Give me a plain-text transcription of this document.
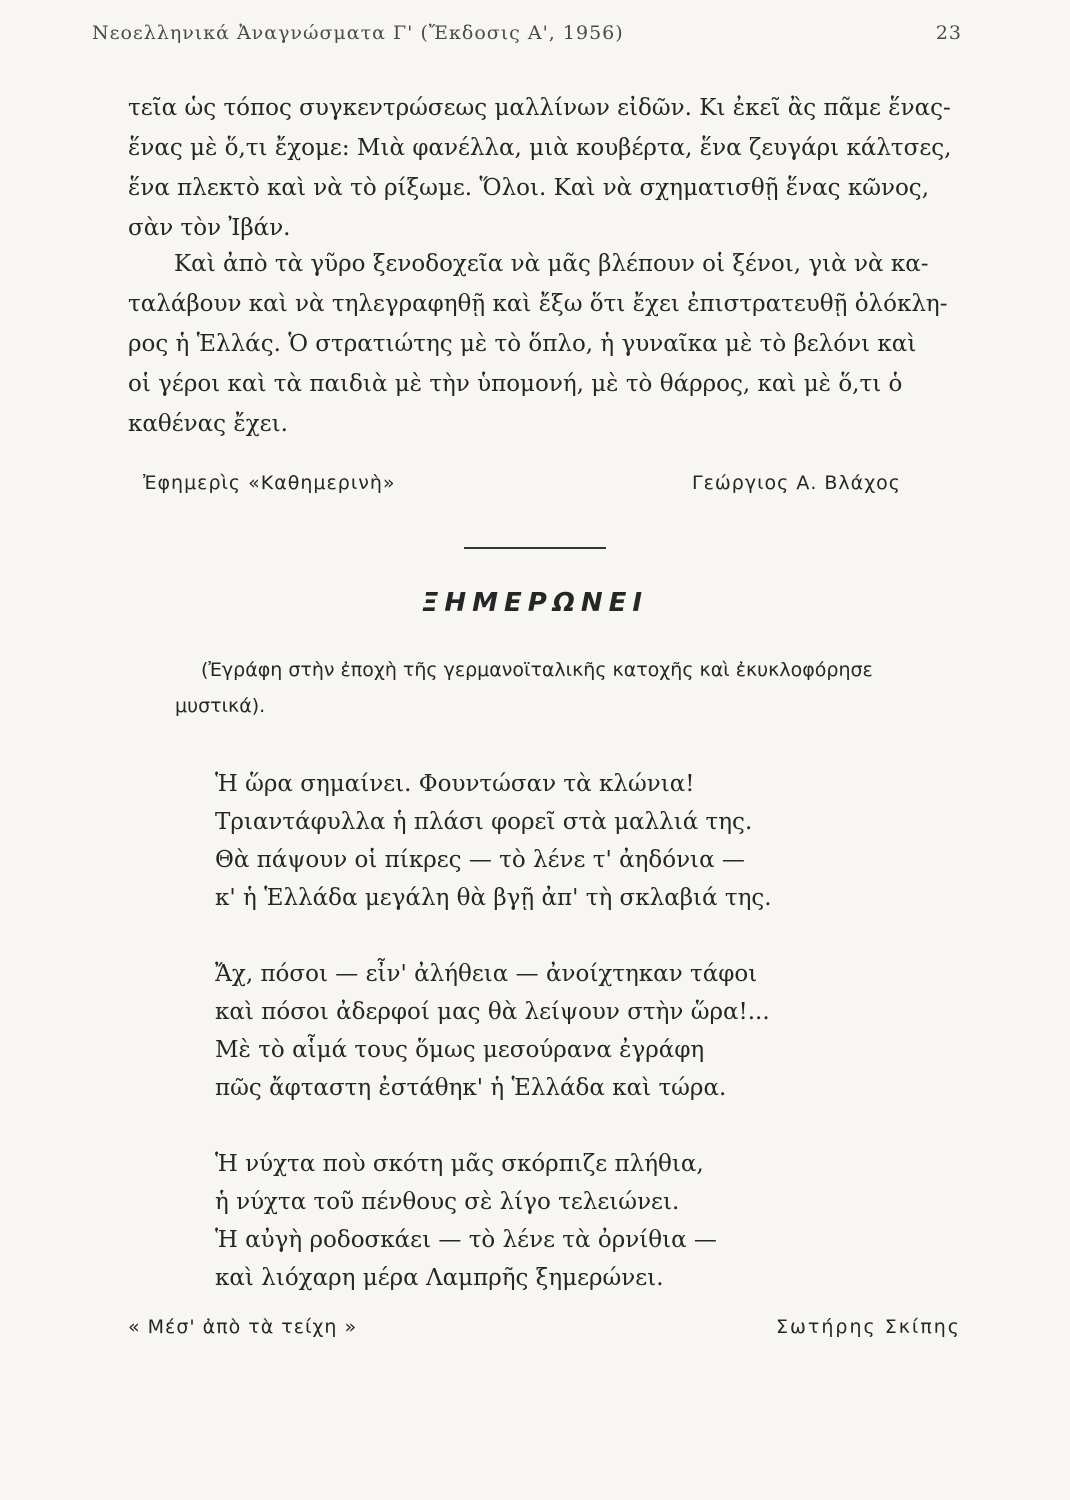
Νεοελληνικά Ἀναγνώσματα Γ' (Ἔκδοσις Α', 1956)	23
τεῖα ὡς τόπος συγκεντρώσεως μαλλίνων εἰδῶν. Κι ἐκεῖ ἂς πᾶμε ἕνας-
ἕνας μὲ ὅ,τι ἔχομε: Μιὰ φανέλλα, μιὰ κουβέρτα, ἕνα ζευγάρι κάλτσες,
ἕνα πλεκτὸ καὶ νὰ τὸ ρίξωμε. Ὅλοι. Καὶ νὰ σχηματισθῇ ἕνας κῶνος,
σὰν τὸν Ἰβάν.
Καὶ ἀπὸ τὰ γῦρο ξενοδοχεῖα νὰ μᾶς βλέπουν οἱ ξένοι, γιὰ νὰ κα-
ταλάβουν καὶ νὰ τηλεγραφηθῇ καὶ ἔξω ὅτι ἔχει ἐπιστρατευθῇ ὁλόκλη-
ρος ἡ Ἑλλάς. Ὁ στρατιώτης μὲ τὸ ὅπλο, ἡ γυναῖκα μὲ τὸ βελόνι καὶ
οἱ γέροι καὶ τὰ παιδιὰ μὲ τὴν ὑπομονή, μὲ τὸ θάρρος, καὶ μὲ ὅ,τι ὁ
καθένας ἔχει.
Ἐφημερὶς «Καθημερινὴ»	Γεώργιος Α. Βλάχος
ΞΗΜΕΡΩΝΕΙ
(Ἐγράφη στὴν ἐποχὴ τῆς γερμανοϊταλικῆς κατοχῆς καὶ ἐκυκλοφόρησε
μυστικά).
Ἡ ὥρα σημαίνει. Φουντώσαν τὰ κλώνια!
Τριαντάφυλλα ἡ πλάσι φορεῖ στὰ μαλλιά της.
Θὰ πάψουν οἱ πίκρες — τὸ λένε τ' ἀηδόνια —
κ' ἡ Ἑλλάδα μεγάλη θὰ βγῇ ἀπ' τὴ σκλαβιά της.
Ἄχ, πόσοι — εἶν' ἀλήθεια — ἀνοίχτηκαν τάφοι
καὶ πόσοι ἀδερφοί μας θὰ λείψουν στὴν ὥρα!...
Μὲ τὸ αἷμά τους ὅμως μεσούρανα ἐγράφη
πῶς ἄφταστη ἐστάθηκ' ἡ Ἑλλάδα καὶ τώρα.
Ἡ νύχτα ποὺ σκότη μᾶς σκόρπιζε πλήθια,
ἡ νύχτα τοῦ πένθους σὲ λίγο τελειώνει.
Ἡ αὐγὴ ροδοσκάει — τὸ λένε τὰ ὀρνίθια —
καὶ λιόχαρη μέρα Λαμπρῆς ξημερώνει.
« Μέσ' ἀπὸ τὰ τείχη »	Σωτήρης Σκίπης
